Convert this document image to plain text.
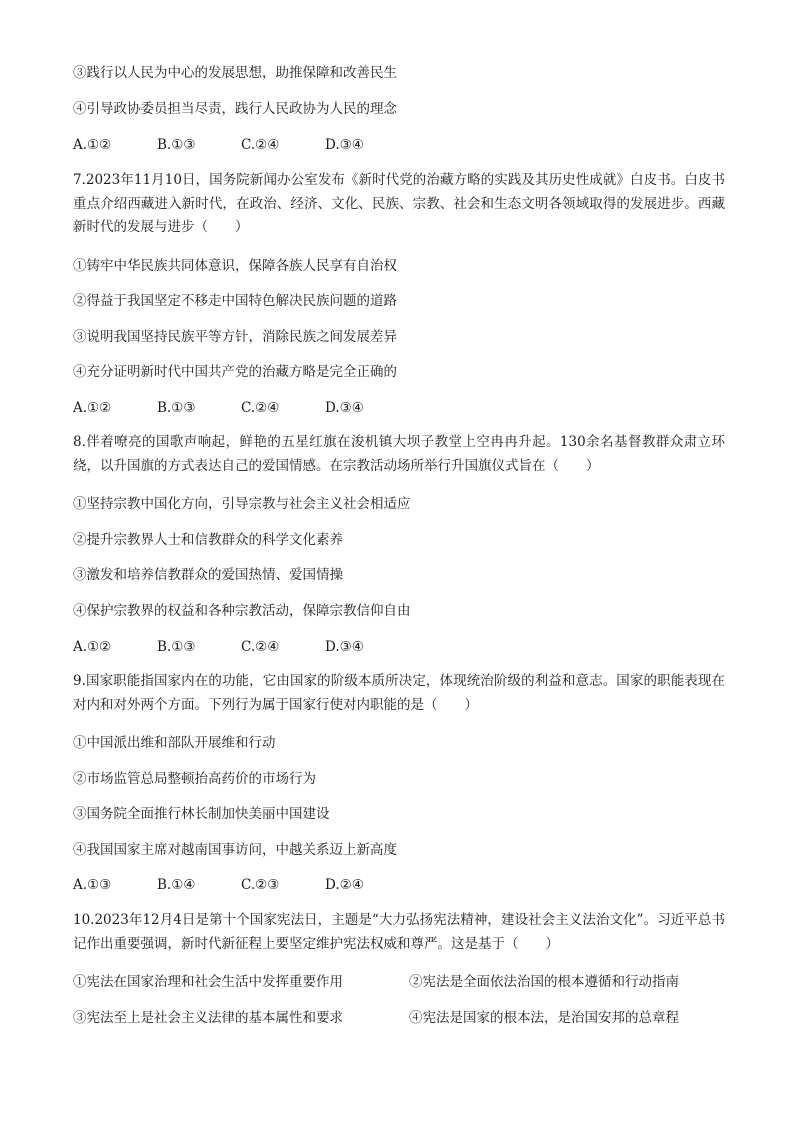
③践行以人民为中心的发展思想，助推保障和改善民生
④引导政协委员担当尽责，践行人民政协为人民的理念
A.①②	B.①③	C.②④	D.③④
7.2023年11月10日，国务院新闻办公室发布《新时代党的治藏方略的实践及其历史性成就》白皮书。白皮书重点介绍西藏进入新时代，在政治、经济、文化、民族、宗教、社会和生态文明各领域取得的发展进步。西藏新时代的发展与进步（　　）
①铸牢中华民族共同体意识，保障各族人民享有自治权
②得益于我国坚定不移走中国特色解决民族问题的道路
③说明我国坚持民族平等方针，消除民族之间发展差异
④充分证明新时代中国共产党的治藏方略是完全正确的
A.①②	B.①③	C.②④	D.③④
8.伴着嘹亮的国歌声响起，鲜艳的五星红旗在浚机镇大坝子教堂上空冉冉升起。130余名基督教群众肃立环绕，以升国旗的方式表达自己的爱国情感。在宗教活动场所举行升国旗仪式旨在（　　）
①坚持宗教中国化方向，引导宗教与社会主义社会相适应
②提升宗教界人士和信教群众的科学文化素养
③激发和培养信教群众的爱国热情、爱国情操
④保护宗教界的权益和各种宗教活动，保障宗教信仰自由
A.①②	B.①③	C.②④	D.③④
9.国家职能指国家内在的功能，它由国家的阶级本质所决定，体现统治阶级的利益和意志。国家的职能表现在对内和对外两个方面。下列行为属于国家行使对内职能的是（　　）
①中国派出维和部队开展维和行动
②市场监管总局整顿抬高药价的市场行为
③国务院全面推行林长制加快美丽中国建设
④我国国家主席对越南国事访问，中越关系迈上新高度
A.①③	B.①④	C.②③	D.②④
10.2023年12月4日是第十个国家宪法日，主题是“大力弘扬宪法精神，建设社会主义法治文化”。习近平总书记作出重要强调，新时代新征程上要坚定维护宪法权威和尊严。这是基于（　　）
①宪法在国家治理和社会生活中发挥重要作用	②宪法是全面依法治国的根本遵循和行动指南
③宪法至上是社会主义法律的基本属性和要求	④宪法是国家的根本法，是治国安邦的总章程
